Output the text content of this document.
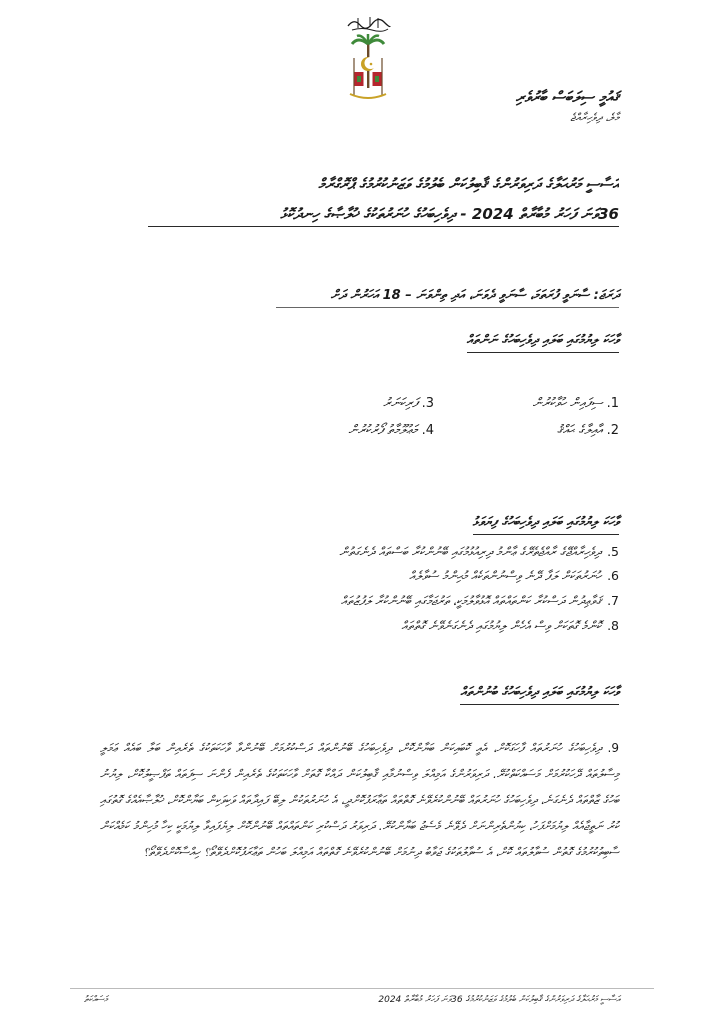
ޤައުމީ ސިލަބަސް ބާރުވެރި
މާލެ، ދިވެހިރާއްޖެ
އަސާސީ މަރުޙަލާގެ ދަރިވަރުންގެ ޤާބިލުކަން ބެލުމުގެ ވަޒަނުކުރުމުގެ ޕްރޮގްރާމް
36ވަނަ ފަހަރު މުބާރާތް 2024 - ދިވެހިބަހުގެ ހުނަރުތަކުގެ ޚުލާޞާގެ ހިނދުކޮޅު
ދަރަޖަ: ސާނަވީ ފުރަތަމަ، ސާނަވީ ދެވަނަ، އަދި ތިންވަނަ – 18 އަހަރުން ދަށް
ވާހަކަ ލިޔުމުގައި ބަލައި ދިވެހިބަހުގެ ނަންތައް
1.ސިފައިން ހުވާކުރުން
2.އާއިލާގެ ޙައްޤު
3.ފަރިކަނަރު
4.މަޢުލޫމާތު ފޯރުކުރުން
ވާހަކަ ލިޔުމުގައި ބަލައި ދިވެހިބަހުގެ ފިޔަވަޅު
5.ދިވެހިރާއްޖޭގެ ރާއްޖެތެރޭގެ ޢާންމު ދިރިއުޅުމުގައި ބޭނުންކުރާ ބަސްތައް ދެނެގަތުން
6.ހުނަރުތަކަށް ލަފާ ދޭނެ ވިސްނުންތަކެއް މުޙިންމު ސުވާލެއް
7.ޤަވާޢިދުން ދަސްކުރާ ކަންތައްތައް އޮޅުވާލުމަކީ، ތަރުޖަމާގައި ބޭނުންކުރާ ލަފުޒުތައް
8.ކޮންމެ ގޮތަކަށް ވިސް އެހެން ލިޔުމުގައި ދެނެގަނެވޭނެ ގޮތްތައް
ވާހަކަ ލިޔުމުގައި ބަލައި ދިވެހިބަހުގެ ބުނުންތައް
9.ދިވެހިބަހުގެ ހުނަރުތައް ފާހަގަކޮށް، އެއީ ކޮބައިކަން ބަޔާންކޮށް، ދިވެހިބަހުގެ ބޭނުންތައް ދަސްކުރުމަށް ބޭނުންވާ ވާހަކަތަކުގެ ތެރެއިން ބަލާ ބައެއް ޢަމަލީ މިސާލުތައް ދޭހަކުރުމަށް މަސައްކަތްކުރޭ. ދަރިވަރުންގެ އަމިއްލަ ވިސްނުމާއި ޤާބިލުކަން ދައްކާ ގޮތަށް ވާހަކަތަކުގެ ތެރެއިން ފެންނަ ސިފަތައް ތަފްޞީލުކޮށް، ލިޔުނު ބަހުގެ ޒާތްތައް ދެނެގަނެ، ދިވެހިބަހުގެ ހުނަރުތައް ބޭނުންކުރެވޭނެ ގޮތްތައް ތަޢާރަފުކޮށްދީ، އެ ހުނަރުތަކުން ލިބޭ ފައިދާތައް ވަކިވަކިން ބަޔާންކޮށް، ޚުލާޞާއެއްގެ ގޮތުގައި ކުރު ނަތީޖާއެއް ލިޔުމަށްފަހު، ކިޔުންތެރިންނަށް ދެވޭނެ މެސެޖު ބަޔާންކުރޭ. ދަރިވަރު ދަސްކުރި ކަންތައްތައް ބޭނުންކޮށް ލިޔެފައިވާ ލިޔުމަކީ ކިހާ މުހިންމު ކަމެއްކަން ސާބިތުކުރުމުގެ ގޮތުން ސުވާލުތައް ކޮށް، އެ ސުވާލުތަކުގެ ޖަވާބު ދިނުމަށް ބޭނުންކުރެވޭނެ ގޮތްތައް އަމިއްލަ ބަހުން ތަޢާރަފުކޮށްދެވޭތޯ؟ ހިއްސާކޮށްދެވޭތޯ؟
މަސައްކަތު	އަސާސީ މަރުޙަލާގެ ދަރިވަރުންގެ ޤާބިލުކަން ބެލުމުގެ ވަޒަނުކުރުމުގެ 36ވަނަ ފަހަރު މުބާރާތް 2024
